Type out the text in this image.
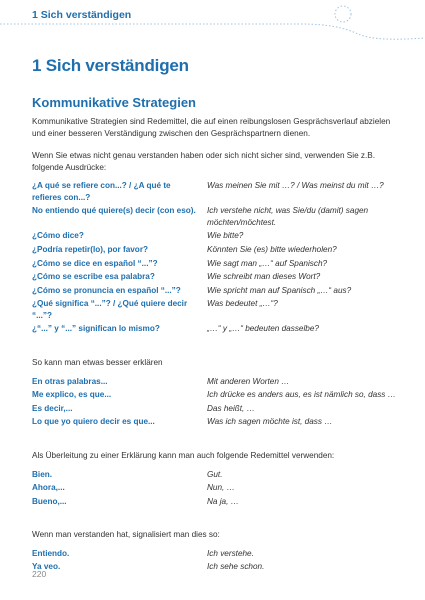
1 Sich verständigen
1 Sich verständigen
Kommunikative Strategien

Kommunikative Strategien sind Redemittel, die auf einen reibungslosen Gesprächsverlauf abzielen und einer besseren Verständigung zwischen den Gesprächspartnern dienen.

Wenn Sie etwas nicht genau verstanden haben oder sich nicht sicher sind, verwenden Sie z.B. folgende Ausdrücke:

¿A qué se refiere con...? / ¿A qué te refieres con...?	Was meinen Sie mit …? / Was meinst du mit …?
No entiendo qué quiere(s) decir (con eso).	Ich verstehe nicht, was Sie/du (damit) sagen möchten/möchtest.
¿Cómo dice?	Wie bitte?
¿Podría repetir(lo), por favor?	Könnten Sie (es) bitte wiederholen?
¿Cómo se dice en español “...”?	Wie sagt man „…“ auf Spanisch?
¿Cómo se escribe esa palabra?	Wie schreibt man dieses Wort?
¿Cómo se pronuncia en español “...”?	Wie spricht man auf Spanisch „…“ aus?
¿Qué significa “...”? / ¿Qué quiere decir “...”?	Was bedeutet „…“?
¿“...” y “...” significan lo mismo?	„…“ y „…“ bedeuten dasselbe?

So kann man etwas besser erklären

En otras palabras...	Mit anderen Worten …
Me explico, es que...	Ich drücke es anders aus, es ist nämlich so, dass …
Es decir,...	Das heißt, …
Lo que yo quiero decir es que...	Was ich sagen möchte ist, dass …

Als Überleitung zu einer Erklärung kann man auch folgende Redemittel verwenden:

Bien.	Gut.
Ahora,...	Nun, …
Bueno,...	Na ja, …

Wenn man verstanden hat, signalisiert man dies so:

Entiendo.	Ich verstehe.
Ya veo.	Ich sehe schon.
220
